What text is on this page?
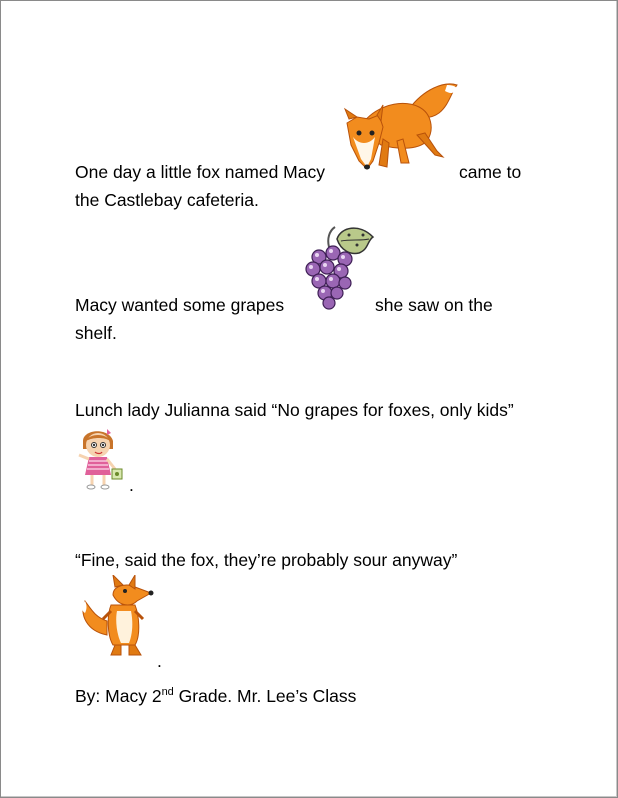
One day a little fox named Macy	came to
the Castlebay cafeteria.
Macy wanted some grapes	she saw on the
shelf.
Lunch lady Julianna said “No grapes for foxes, only kids”
.
“Fine, said the fox, they’re probably sour anyway”
.
By: Macy 2nd Grade. Mr. Lee’s Class
